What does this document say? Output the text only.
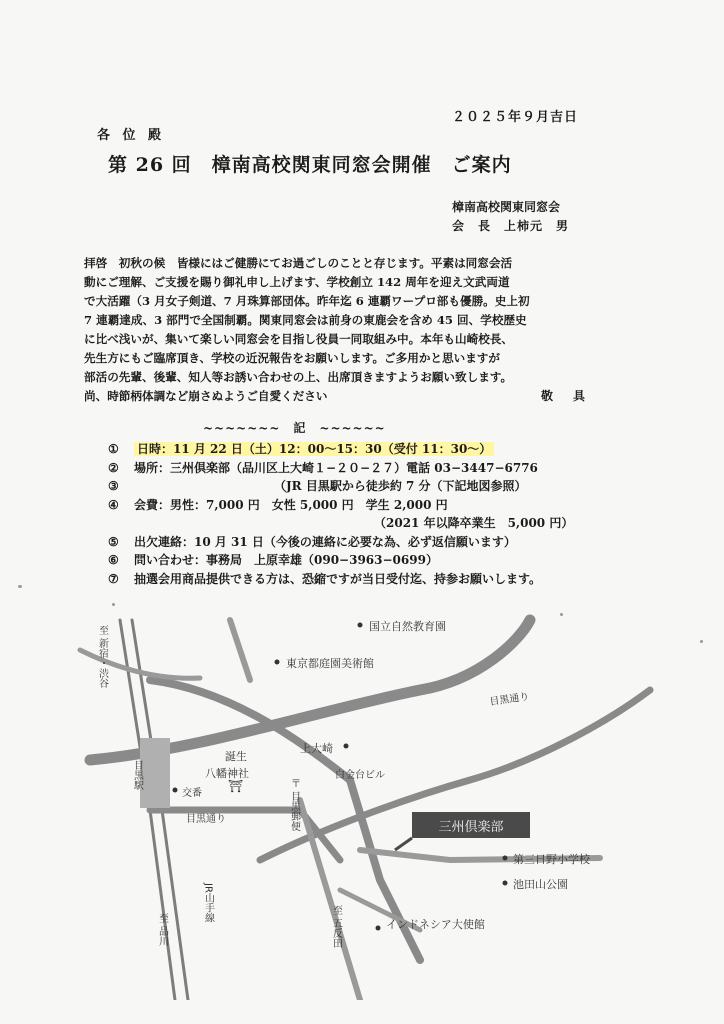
２０２５年９月吉日
各 位 殿
第 26 回　樟南高校関東同窓会開催　ご案内
樟南高校関東同窓会
会　長　上柿元　男
拝啓　初秋の候　皆様にはご健勝にてお過ごしのことと存じます。平素は同窓会活
動にご理解、ご支援を賜り御礼申し上げます、学校創立 142 周年を迎え文武両道
で大活躍（3 月女子剣道、7 月珠算部団体。昨年迄 6 連覇ワープロ部も優勝。史上初
7 連覇達成、3 部門で全国制覇。関東同窓会は前身の東鹿会を含め 45 回、学校歴史
に比べ浅いが、集いて楽しい同窓会を目指し役員一同取組み中。本年も山崎校長、
先生方にもご臨席頂き、学校の近況報告をお願いします。ご多用かと思いますが
部活の先輩、後輩、知人等お誘い合わせの上、出席頂きますようお願い致します。
尚、時節柄体調など崩さぬようご自愛ください	敬　具
~~~~~~~　記　~~~~~~
① 日時：11 月 22 日（土）12：00～15：30（受付 11：30～）
② 場所：三州倶楽部（品川区上大崎１−２０−２７）電話 03−3447−6776
③	（JR 目黒駅から徒歩約 7 分（下記地図参照）
④ 会費：男性：7,000 円　女性 5,000 円　学生 2,000 円
（2021 年以降卒業生　5,000 円）
⑤ 出欠連絡：10 月 31 日（今後の連絡に必要な為、必ず返信願います）
⑥ 問い合わせ：事務局　上原幸雄（090−3963−0699）
⑦ 抽選会用商品提供できる方は、恐縮ですが当日受付迄、持参お願いします。
三州倶楽部
国立自然教育園
東京都庭園美術館
目黒通り
誕生
八幡神社
⛩
上大崎
白金台ビル
交番
目黒通り	〒 目黒郵便
第三日野小学校
池田山公園
インドネシア大使館
至 五反田
JR山手線
至 新宿・渋谷
目黒駅
至 品川
